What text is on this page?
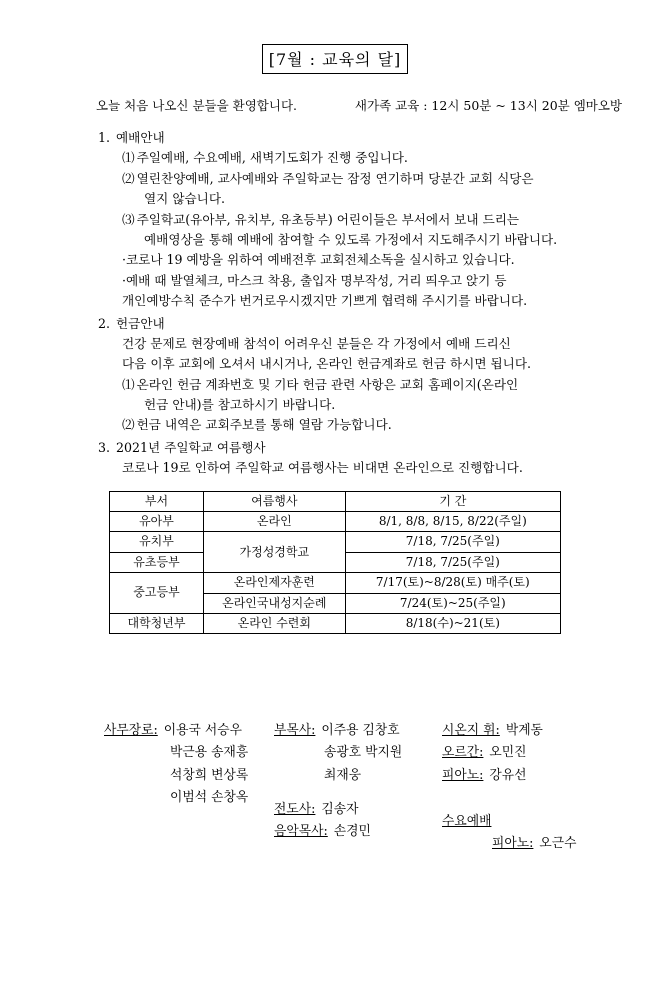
[7월 : 교육의 달]
오늘 처음 나오신 분들을 환영합니다.	새가족 교육 : 12시 50분 ~ 13시 20분 엠마오방
1. 예배안내
⑴ 주일예배, 수요예배, 새벽기도회가 진행 중입니다.
⑵ 열린찬양예배, 교사예배와 주일학교는 잠정 연기하며 당분간 교회 식당은
열지 않습니다.
⑶ 주일학교(유아부, 유치부, 유초등부) 어린이들은 부서에서 보내 드리는
예배영상을 통해 예배에 참여할 수 있도록 가정에서 지도해주시기 바랍니다.
·코로나 19 예방을 위하여 예배전후 교회전체소독을 실시하고 있습니다.
·예배 때 발열체크, 마스크 착용, 출입자 명부작성, 거리 띄우고 앉기 등
개인예방수칙 준수가 번거로우시겠지만 기쁘게 협력해 주시기를 바랍니다.
2. 헌금안내
건강 문제로 현장예배 참석이 어려우신 분들은 각 가정에서 예배 드리신
다음 이후 교회에 오셔서 내시거나, 온라인 헌금계좌로 헌금 하시면 됩니다.
⑴ 온라인 헌금 계좌번호 및 기타 헌금 관련 사항은 교회 홈페이지(온라인
헌금 안내)를 참고하시기 바랍니다.
⑵ 헌금 내역은 교회주보를 통해 열람 가능합니다.
3. 2021년 주일학교 여름행사
코로나 19로 인하여 주일학교 여름행사는 비대면 온라인으로 진행합니다.
부서	여름행사	기 간
유아부	온라인	8/1, 8/8, 8/15, 8/22(주일)
유치부	가정성경학교	7/18, 7/25(주일)
유초등부		7/18, 7/25(주일)
중고등부	온라인제자훈련	7/17(토)~8/28(토) 매주(토)
	온라인국내성지순례	7/24(토)~25(주일)
대학청년부	온라인 수련회	8/18(수)~21(토)
사무장로: 이용국 서승우
박근용 송재흥
석창희 변상록
이범석 손창옥
부목사: 이주용 김창호
송광호 박지원
최재웅
전도사: 김송자
음악목사: 손경민
시온지 휘: 박계동
오르간: 오민진
피아노: 강유선
수요예배
피아노: 오근수
